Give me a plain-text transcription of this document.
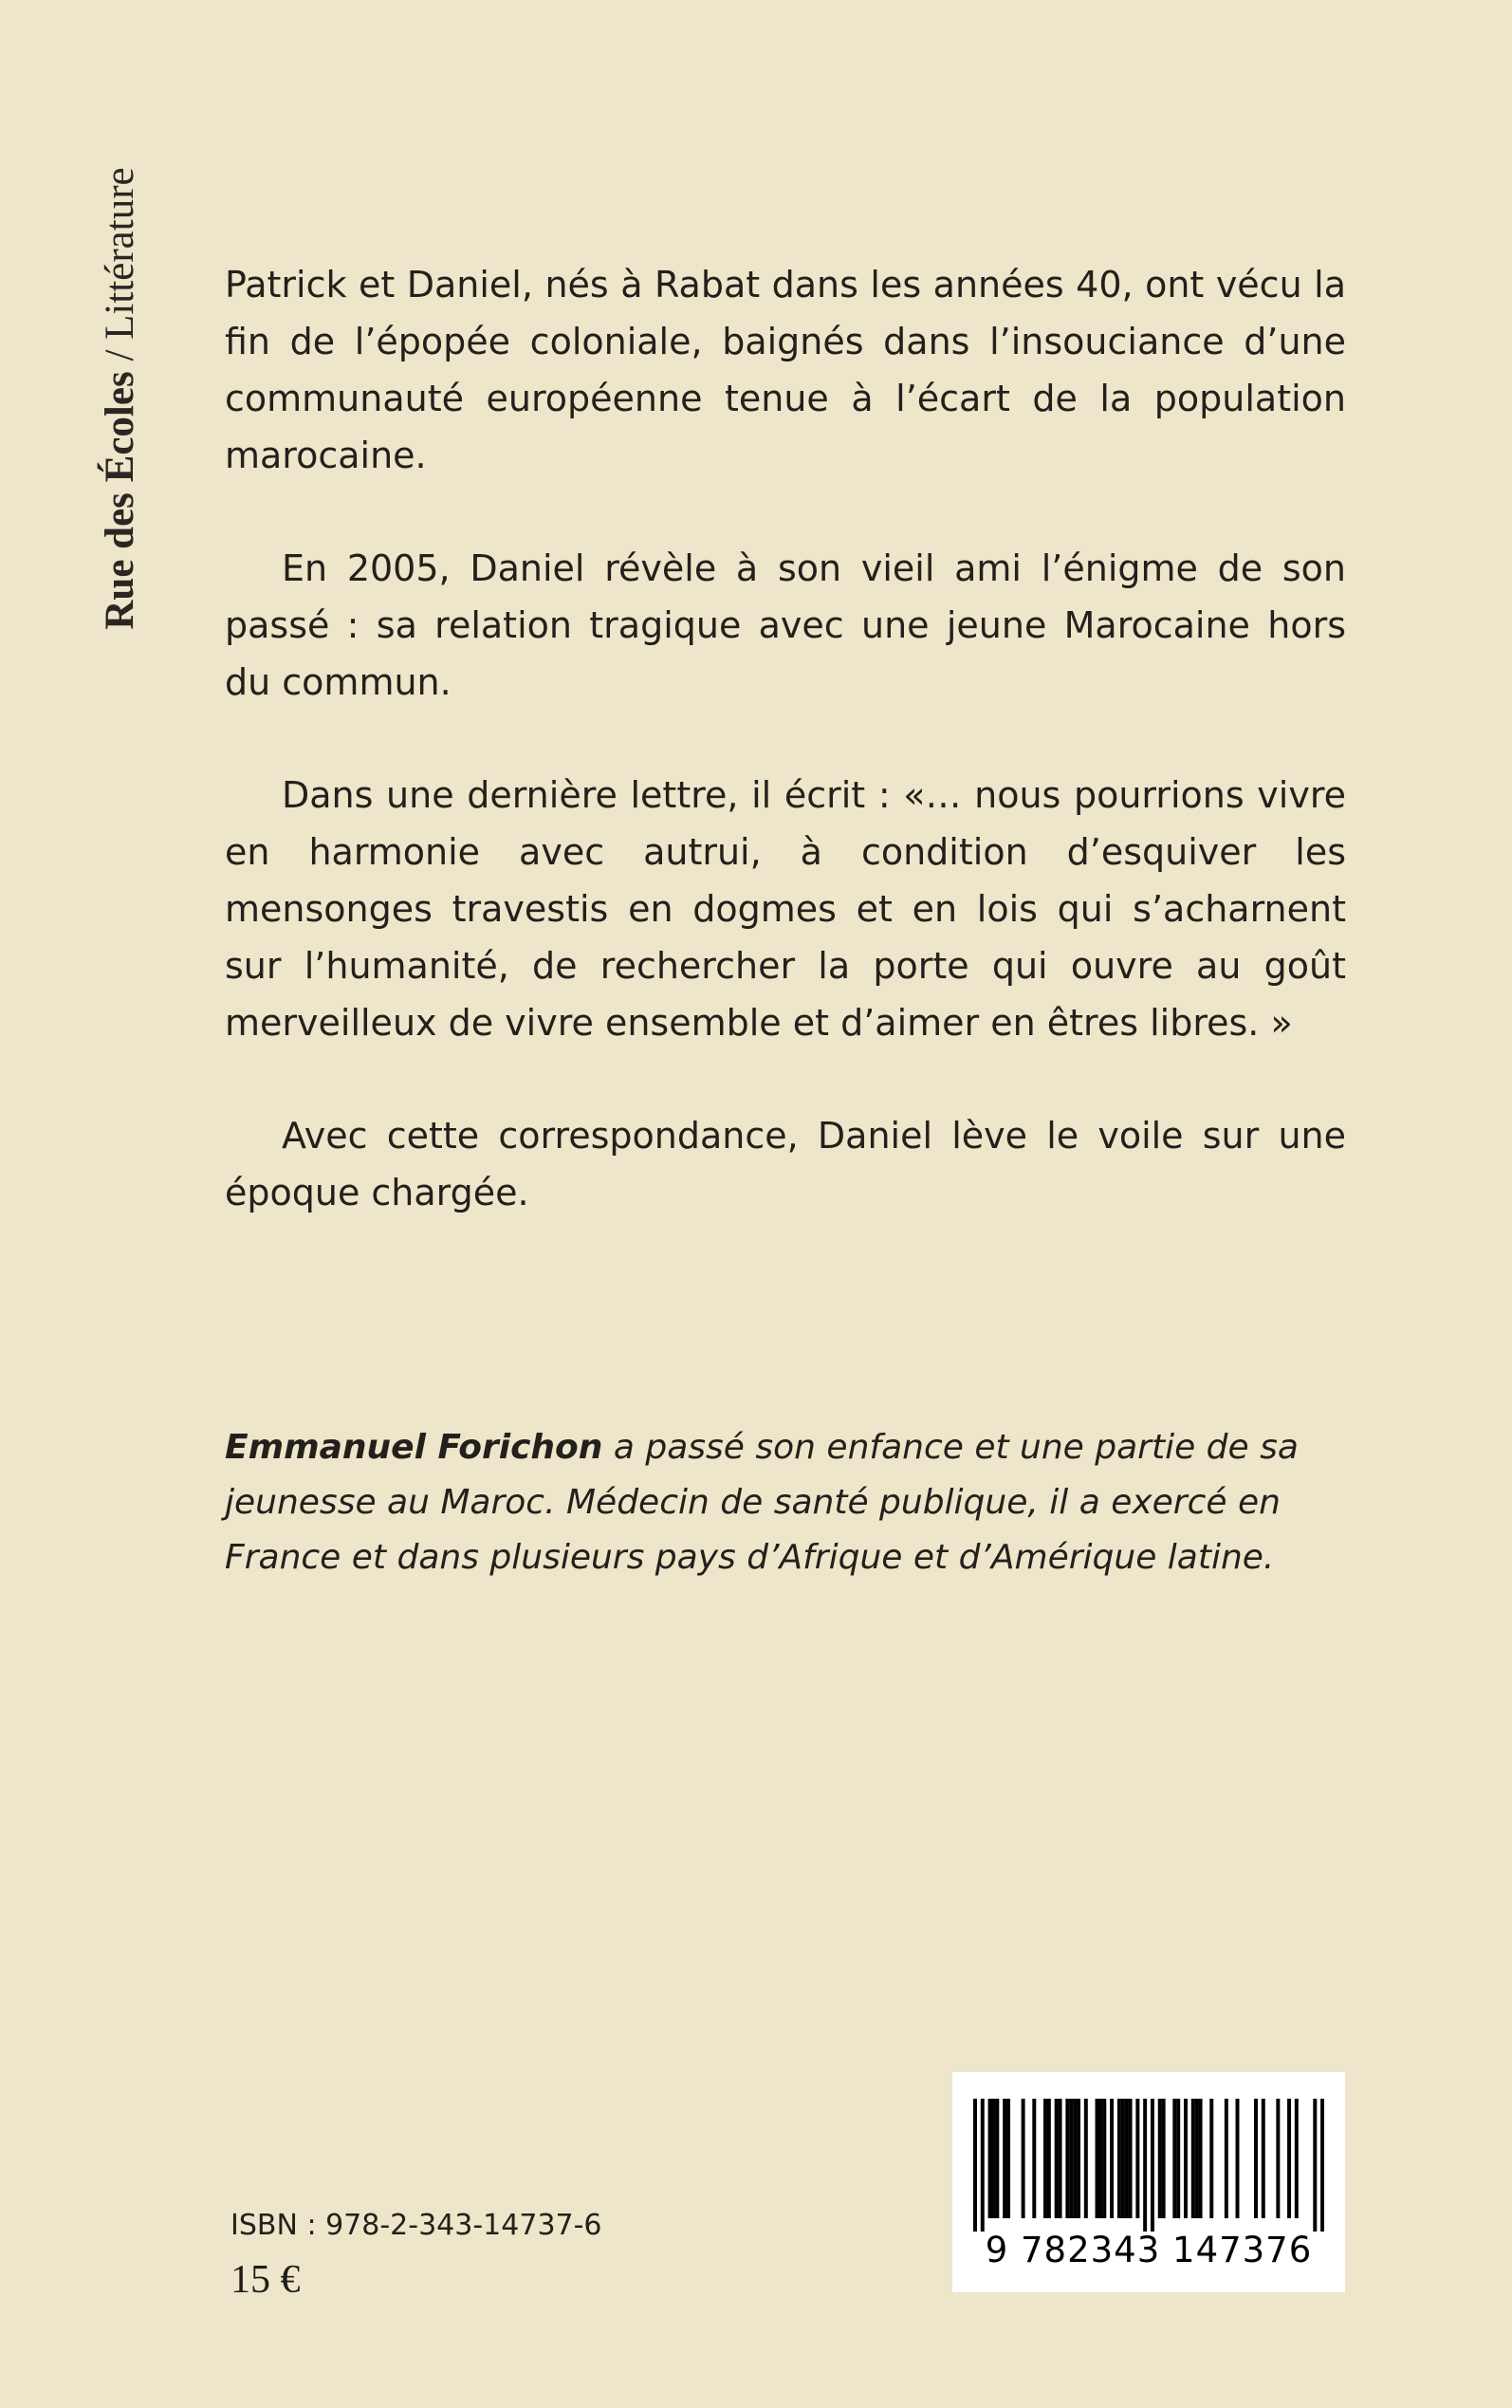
Rue des Écoles / Littérature Patrick et Daniel, nés à Rabat dans les années 40, ont vécu la fin de l’épopée coloniale, baignés dans l’insouciance d’une communauté européenne tenue à l’écart de la population marocaine.

En 2005, Daniel révèle à son vieil ami l’énigme de son passé : sa relation tragique avec une jeune Marocaine hors du commun.

Dans une dernière lettre, il écrit : «… nous pourrions vivre en harmonie avec autrui, à condition d’esquiver les mensonges travestis en dogmes et en lois qui s’acharnent sur l’humanité, de rechercher la porte qui ouvre au goût merveilleux de vivre ensemble et d’aimer en êtres libres. »

Avec cette correspondance, Daniel lève le voile sur une époque chargée.

Emmanuel Forichon a passé son enfance et une partie de sa jeunesse au Maroc. Médecin de santé publique, il a exercé en France et dans plusieurs pays d’Afrique et d’Amérique latine.
ISBN : 978-2-343-14737-6
15 €
9 782343 147376
